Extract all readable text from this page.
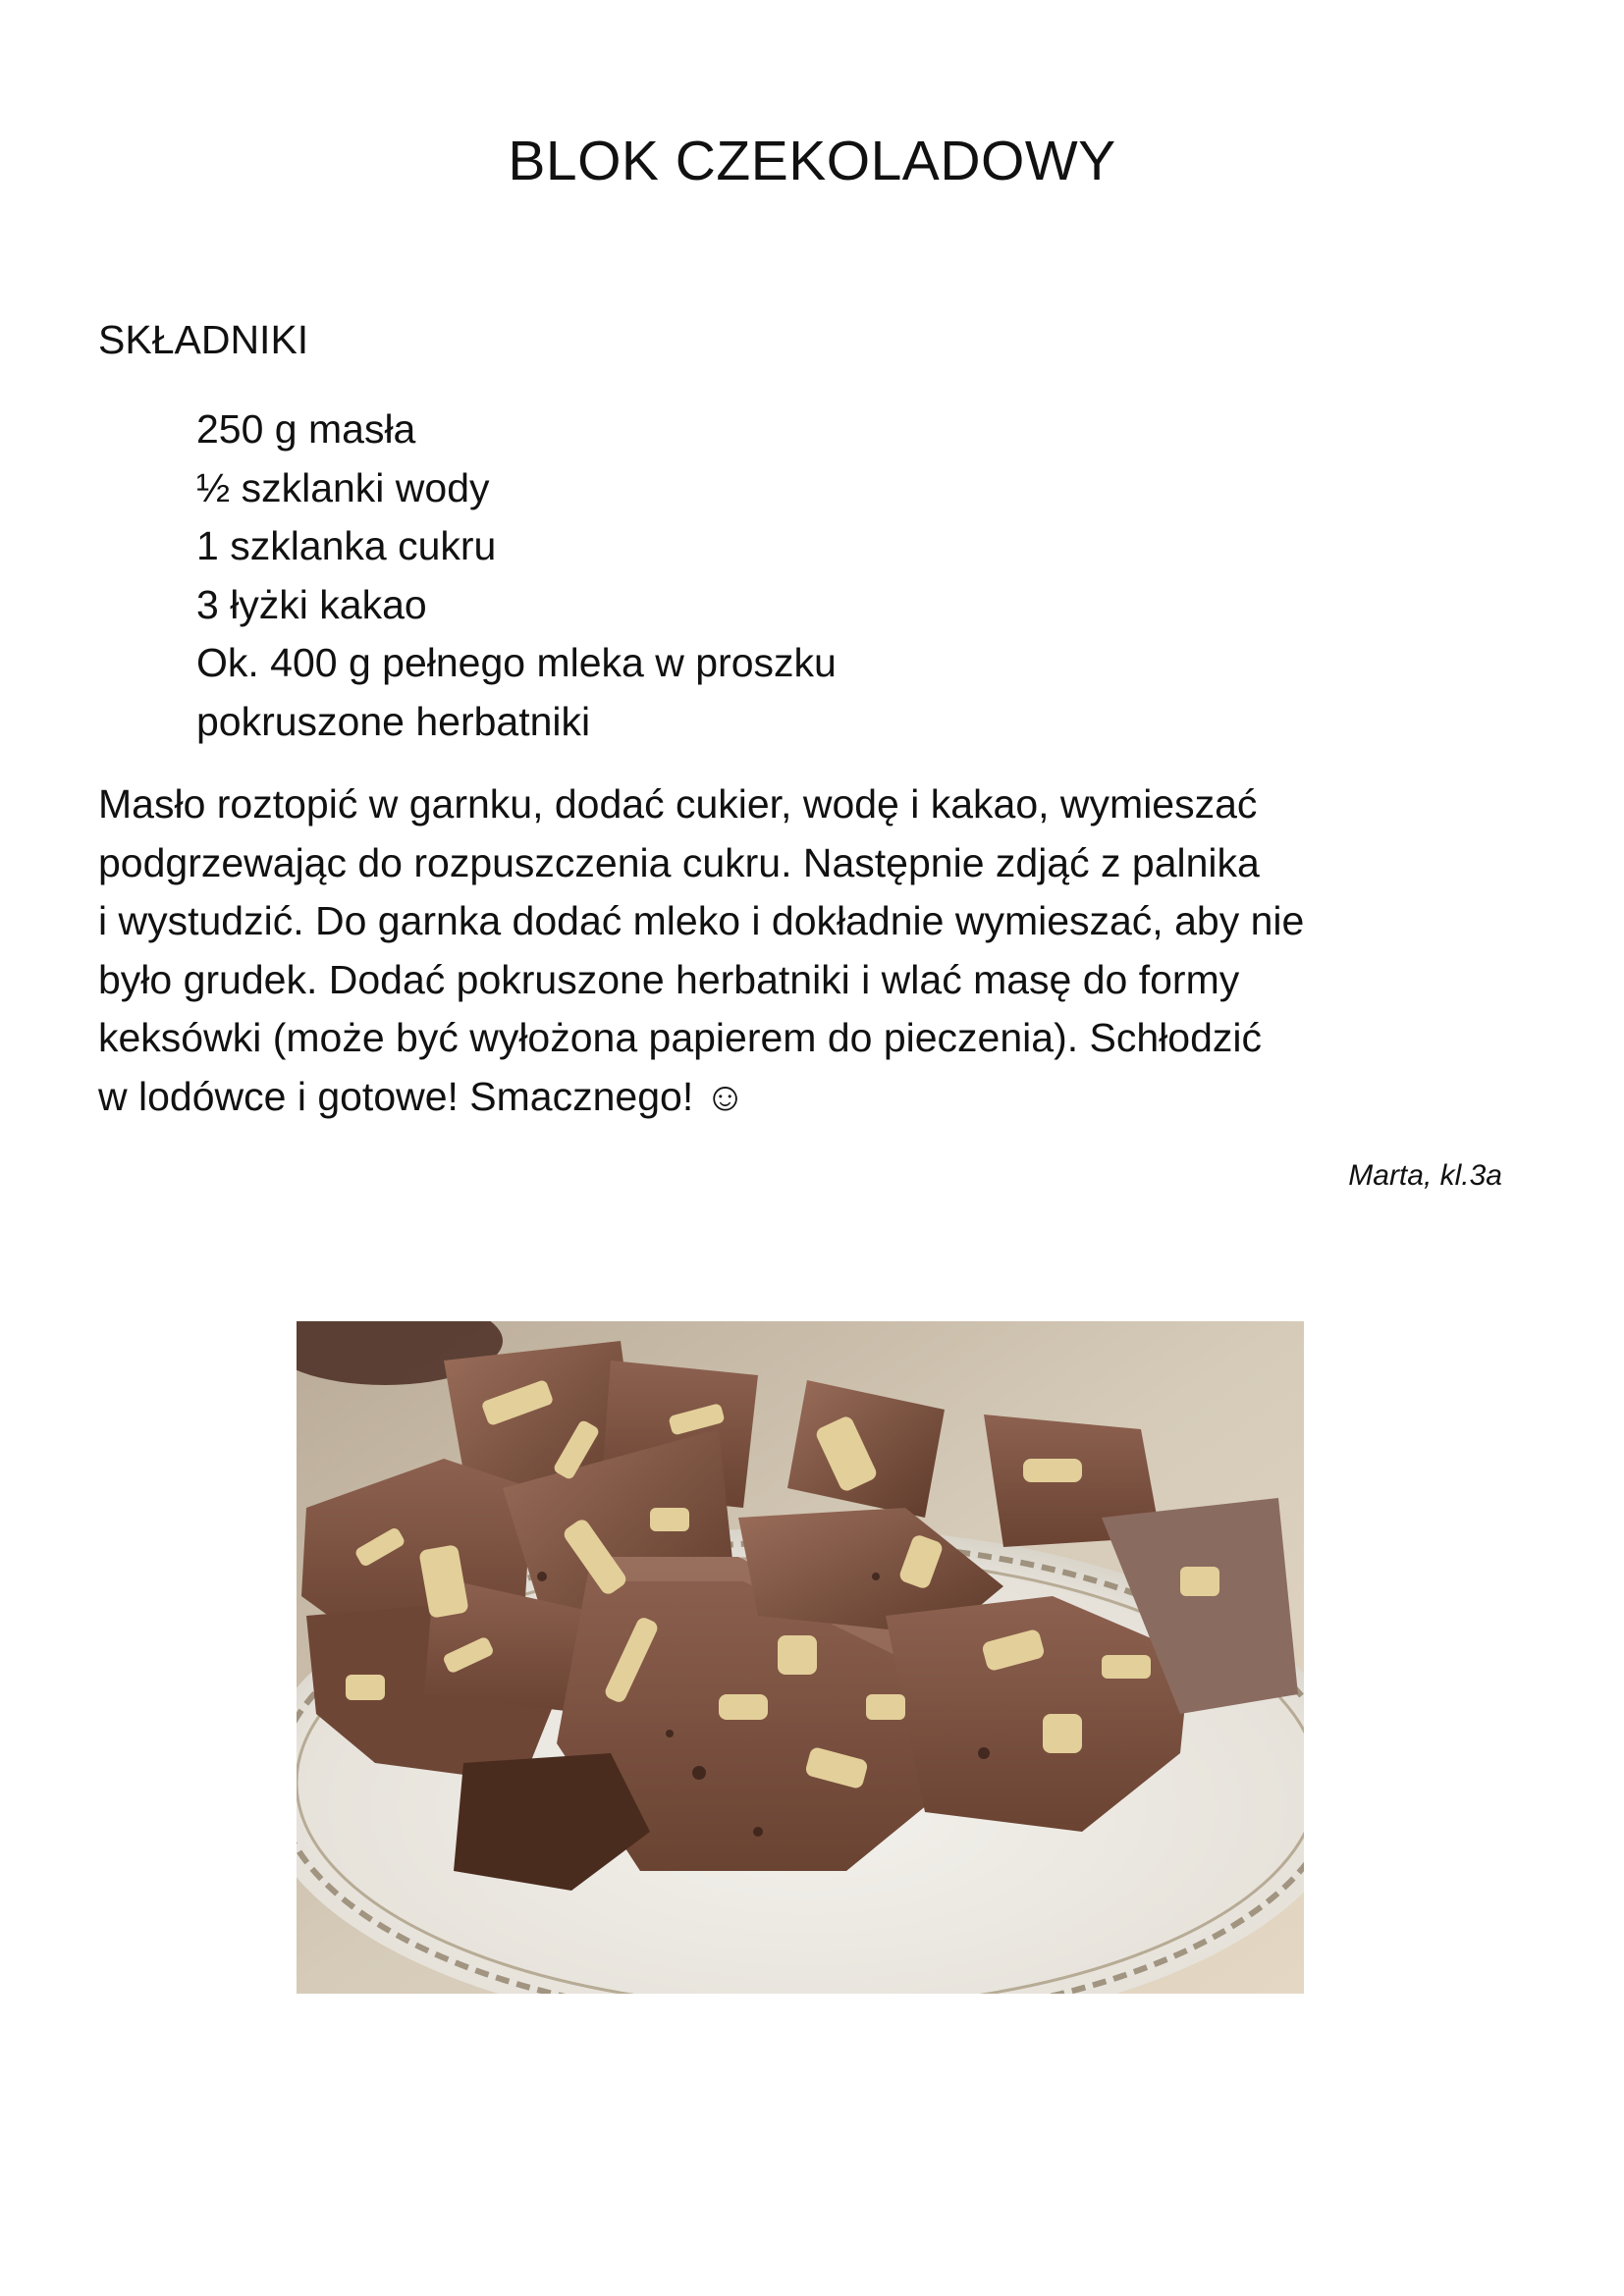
BLOK CZEKOLADOWY
SKŁADNIKI
250 g masła
½ szklanki wody
1 szklanka cukru
3 łyżki kakao
Ok. 400 g pełnego mleka w proszku
pokruszone herbatniki

Masło roztopić w garnku, dodać cukier, wodę i kakao, wymieszać
podgrzewając do rozpuszczenia cukru. Następnie zdjąć z palnika
i wystudzić. Do garnka dodać mleko i dokładnie wymieszać, aby nie
było grudek. Dodać pokruszone herbatniki i wlać masę do formy
keksówki (może być wyłożona papierem do pieczenia). Schłodzić
w lodówce i gotowe! Smacznego! ☺

Marta, kl.3a
